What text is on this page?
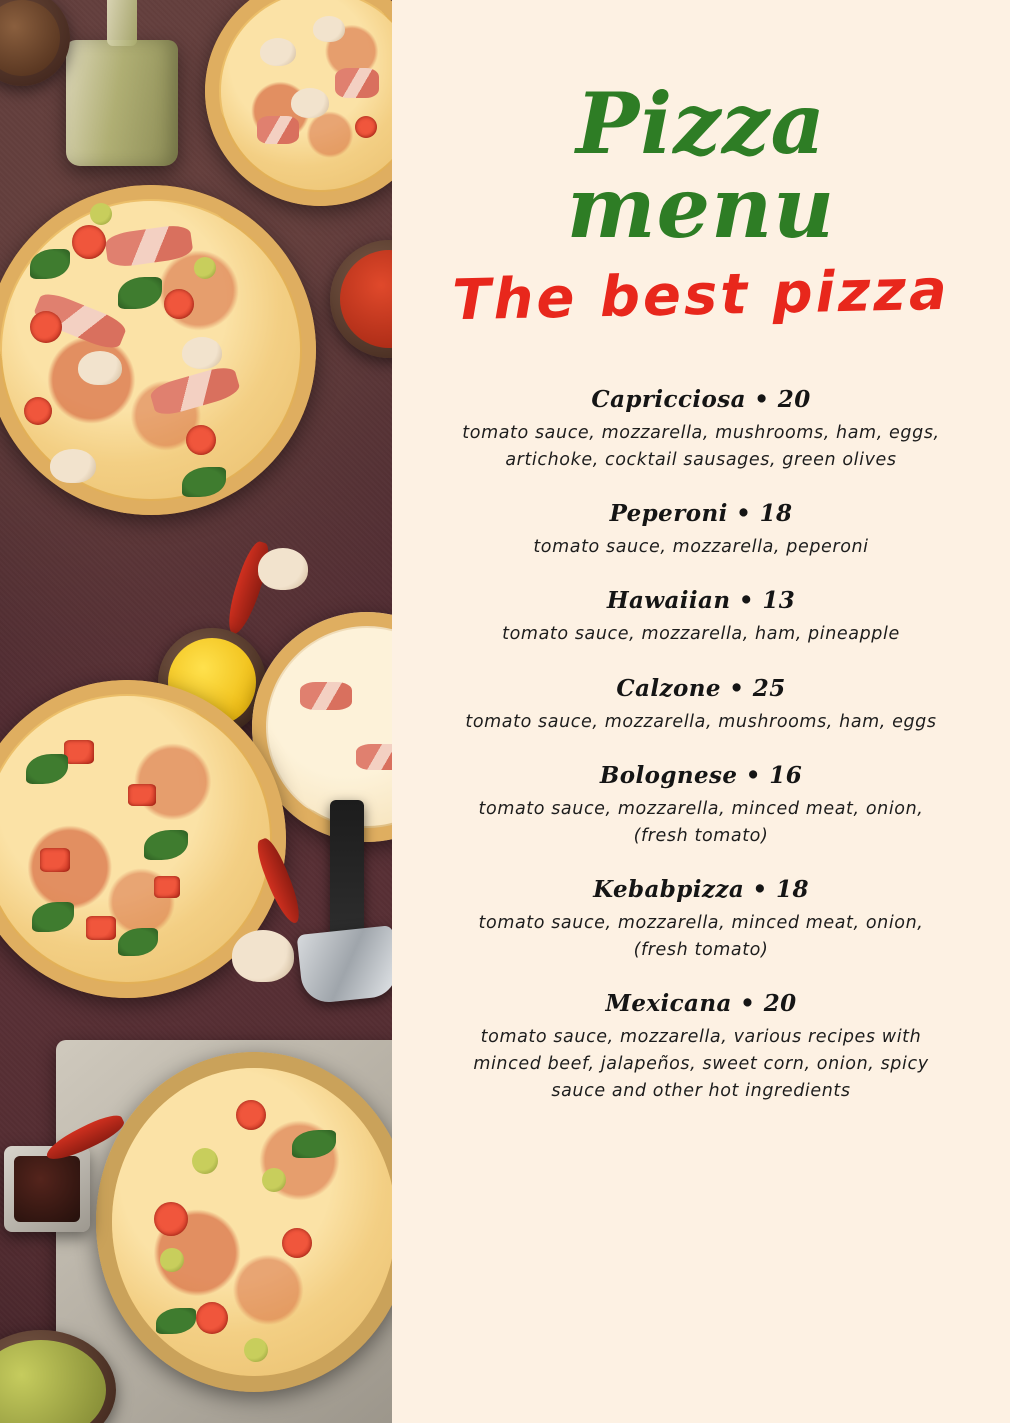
Pizza menu
The best pizza
Capricciosa • 20
tomato sauce, mozzarella, mushrooms, ham, eggs, artichoke, cocktail sausages, green olives
Peperoni • 18
tomato sauce, mozzarella, peperoni
Hawaiian • 13
tomato sauce, mozzarella, ham, pineapple
Calzone • 25
tomato sauce, mozzarella, mushrooms, ham, eggs
Bolognese • 16
tomato sauce, mozzarella, minced meat, onion, (fresh tomato)
Kebabpizza • 18
tomato sauce, mozzarella, minced meat, onion, (fresh tomato)
Mexicana • 20
tomato sauce, mozzarella, various recipes with minced beef, jalapeños, sweet corn, onion, spicy sauce and other hot ingredients
